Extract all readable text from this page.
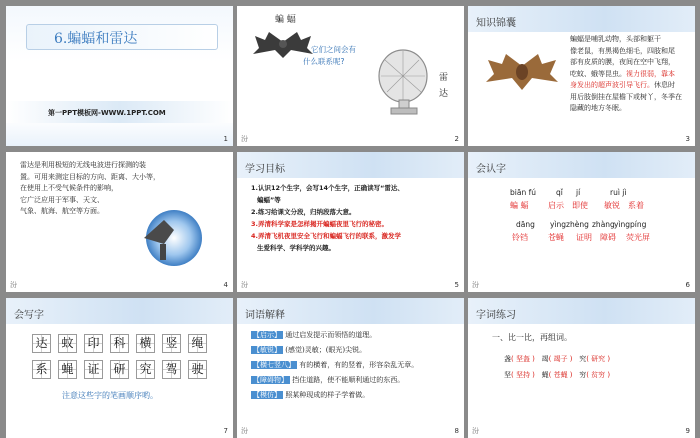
6.蝙蝠和雷达
第一PPT模板网-WWW.1PPT.COM
1
蝙 蝠
它们之间会有
什么联系呢?
雷
达
汾	2
知识锦囊
蝙蝠是哺乳动物，头部和躯干
像老鼠，有黑褐色细毛，四肢和尾
部有皮质的膜，夜间在空中飞翔，
吃蚊、蛾等昆虫。视力很弱，靠本
身发出的超声波引导飞行。休息时
用后肢倒挂在屋檐下或树丫，冬季在
隐藏的地方冬眠。
3
雷达是利用极短的无线电波进行探测的装
置。可用来测定目标的方向、距离、大小等，
在使用上不受气候条件的影响，
它广泛应用于军事、天文、
气象、航海、航空等方面。
汾	4
学习目标
1.认识12个生字，会写14个生字，正确读写“雷达、
蝙蝠”等
2.练习给课文分段，归纳段落大意。
3.弄清科学家是怎样揭开蝙蝠夜里飞行的秘密。
4.弄清飞机夜里安全飞行和蝙蝠飞行的联系，激发学
生爱科学、学科学的兴趣。
汾	5
会认字
biān fú	qǐ jí	ruì jì
蝙 蝠 启示 即使 敏锐 系着
dāng yìngzhèng zhàng yìngpíng
铃铛	苍蝇 证明 障碍 荧光屏
汾	6
会写字
达 蚊 印 科 横 竖 绳
系 蝇 证 研 究 驾 驶
注意这些字的笔画顺序哟。
7
词语解释
【启示】 通过启发提示而领悟的道理。
【敏锐】 (感觉)灵敏；(眼光)尖锐。
【横七竖八】 有的横着，有的竖着，形容杂乱无章。
【障碍物】 挡住道路，使不能顺利通过的东西。
【模仿】 照某种现成的样子学着做。
汾	8
字词练习
一、比一比，再组词。
盏( 坚盔 ) 竭( 竭子 ) 究( 研究 )
坚( 坚持 ) 蝇( 苍蝇 ) 穷( 贫穷 )
汾	9
